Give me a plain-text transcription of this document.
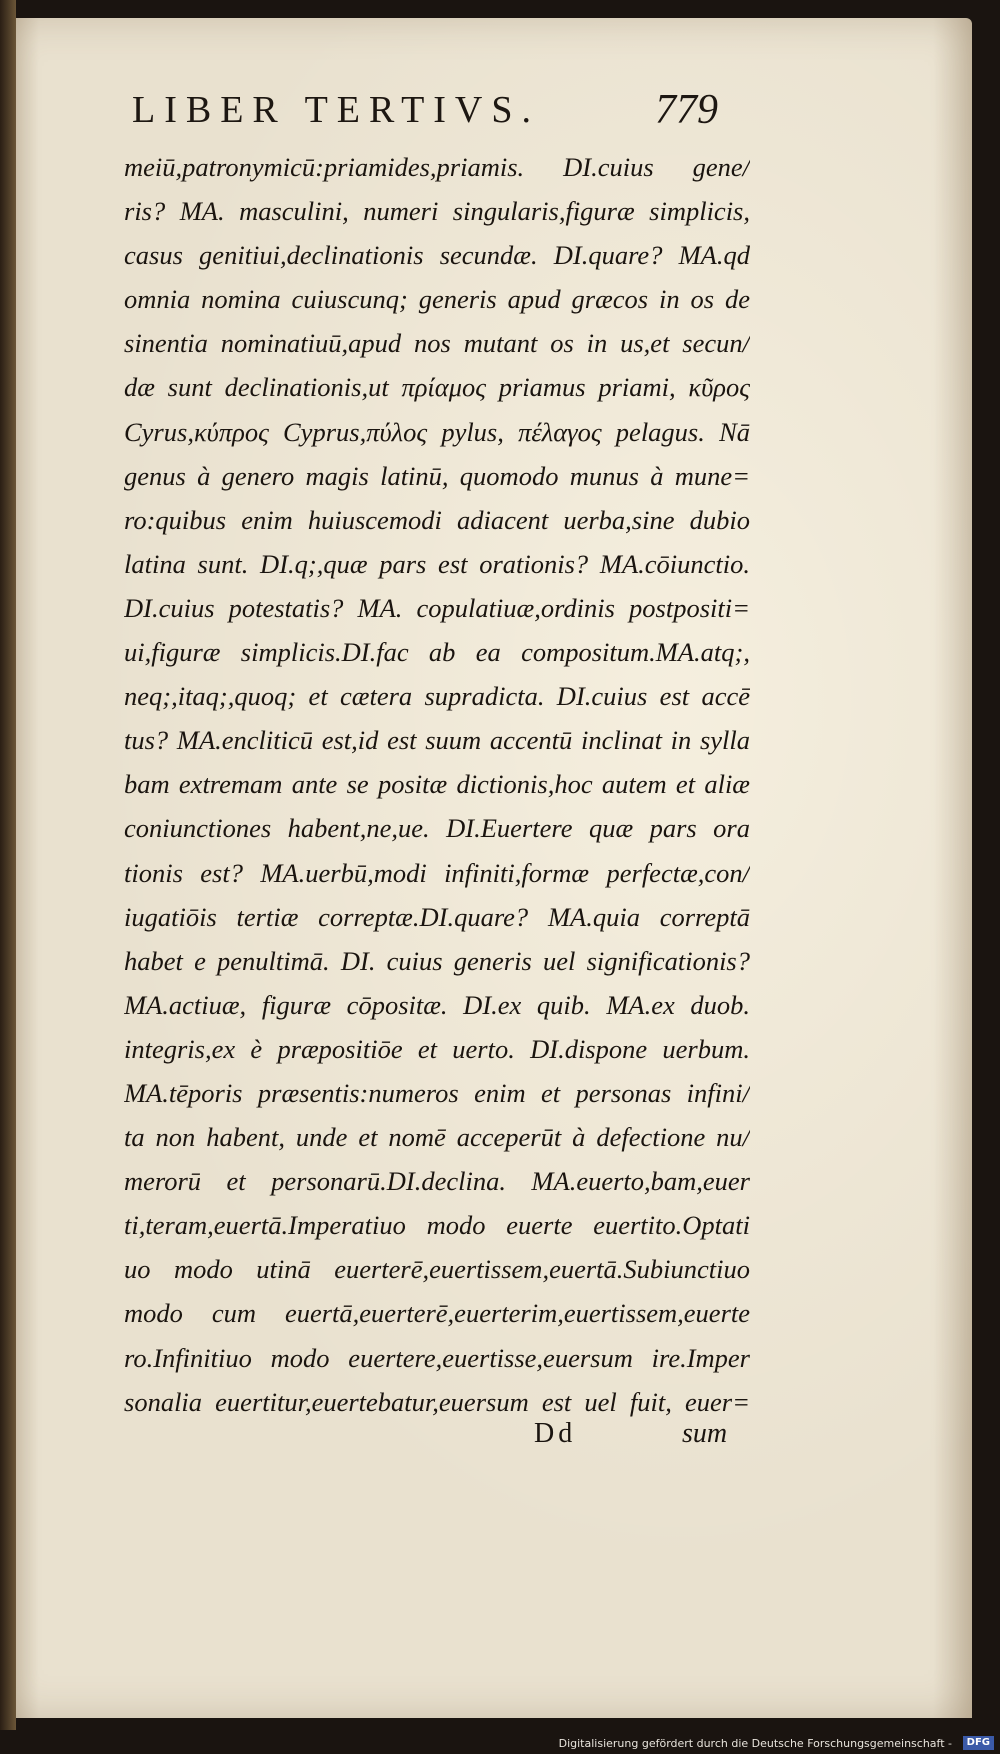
LIBER TERTIVS.	779
meiū,patronymicū:priamides,priamis. DI.cuius gene/
ris? MA. masculini, numeri singularis,figuræ simplicis,
casus genitiui,declinationis secundæ. DI.quare? MA.qd
omnia nomina cuiuscunq; generis apud græcos in os de
sinentia nominatiuū,apud nos mutant os in us,et secun/
dæ sunt declinationis,ut πρίαμος priamus priami, κῦρος
Cyrus,κύπρος Cyprus,πύλος pylus, πέλαγος pelagus. Nā
genus à genero magis latinū, quomodo munus à mune=
ro:quibus enim huiuscemodi adiacent uerba,sine dubio
latina sunt. DI.q;,quæ pars est orationis? MA.cōiunctio.
DI.cuius potestatis? MA. copulatiuæ,ordinis postpositi=
ui,figuræ simplicis.DI.fac ab ea compositum.MA.atq;,
neq;,itaq;,quoq; et cætera supradicta. DI.cuius est accē
tus? MA.encliticū est,id est suum accentū inclinat in sylla
bam extremam ante se positæ dictionis,hoc autem et aliæ
coniunctiones habent,ne,ue. DI.Euertere quæ pars ora
tionis est? MA.uerbū,modi infiniti,formæ perfectæ,con/
iugatiōis tertiæ correptæ.DI.quare? MA.quia correptā
habet e penultimā. DI. cuius generis uel significationis?
MA.actiuæ, figuræ cōpositæ. DI.ex quib. MA.ex duob.
integris,ex è præpositiōe et uerto. DI.dispone uerbum.
MA.tēporis præsentis:numeros enim et personas infini/
ta non habent, unde et nomē acceperūt à defectione nu/
merorū et personarū.DI.declina. MA.euerto,bam,euer
ti,teram,euertā.Imperatiuo modo euerte euertito.Optati
uo modo utinā euerterē,euertissem,euertā.Subiunctiuo
modo cum euertā,euerterē,euerterim,euertissem,euerte
ro.Infinitiuo modo euertere,euertisse,euersum ire.Imper
sonalia euertitur,euertebatur,euersum est uel fuit, euer=
Dd	sum
Digitalisierung gefördert durch die Deutsche Forschungsgemeinschaft -	DFG
